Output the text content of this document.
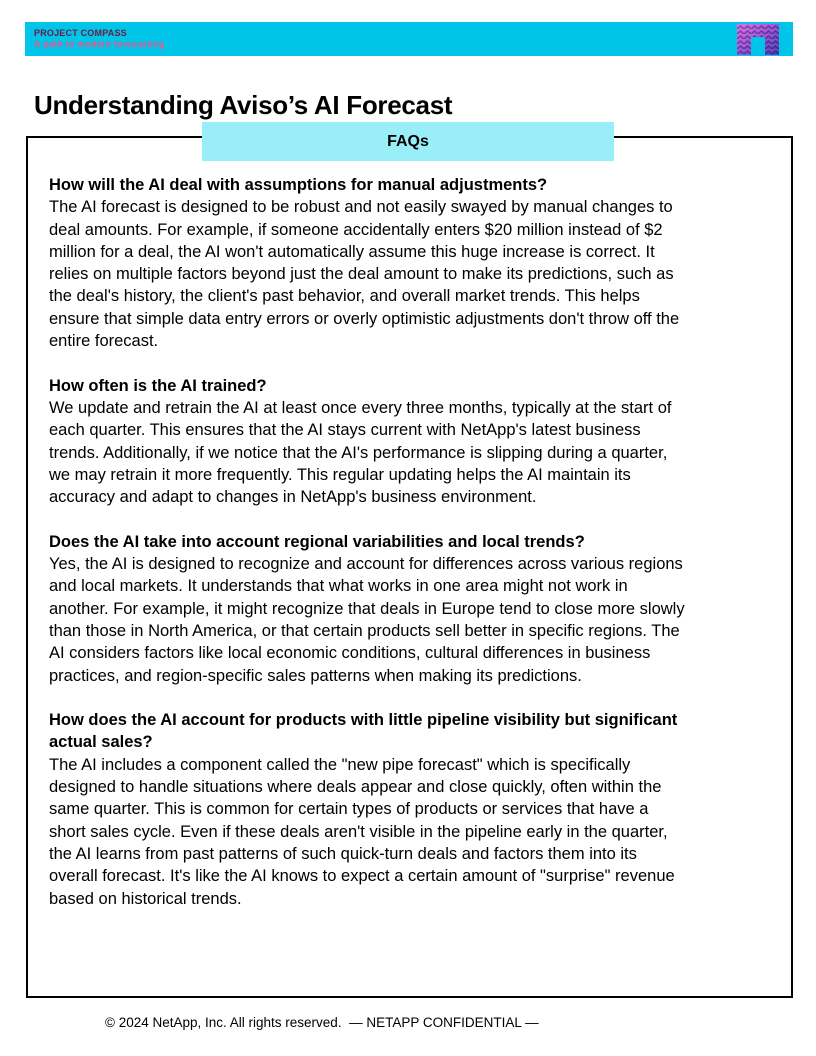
PROJECT COMPASS
A path to modern forecasting
Understanding Aviso’s AI Forecast
FAQs
How will the AI deal with assumptions for manual adjustments?
The AI forecast is designed to be robust and not easily swayed by manual changes to
deal amounts. For example, if someone accidentally enters $20 million instead of $2
million for a deal, the AI won't automatically assume this huge increase is correct. It
relies on multiple factors beyond just the deal amount to make its predictions, such as
the deal's history, the client's past behavior, and overall market trends. This helps
ensure that simple data entry errors or overly optimistic adjustments don't throw off the
entire forecast.
How often is the AI trained?
We update and retrain the AI at least once every three months, typically at the start of
each quarter. This ensures that the AI stays current with NetApp's latest business
trends. Additionally, if we notice that the AI's performance is slipping during a quarter,
we may retrain it more frequently. This regular updating helps the AI maintain its
accuracy and adapt to changes in NetApp's business environment.
Does the AI take into account regional variabilities and local trends?
Yes, the AI is designed to recognize and account for differences across various regions
and local markets. It understands that what works in one area might not work in
another. For example, it might recognize that deals in Europe tend to close more slowly
than those in North America, or that certain products sell better in specific regions. The
AI considers factors like local economic conditions, cultural differences in business
practices, and region-specific sales patterns when making its predictions.
How does the AI account for products with little pipeline visibility but significant
actual sales?
The AI includes a component called the "new pipe forecast" which is specifically
designed to handle situations where deals appear and close quickly, often within the
same quarter. This is common for certain types of products or services that have a
short sales cycle. Even if these deals aren't visible in the pipeline early in the quarter,
the AI learns from past patterns of such quick-turn deals and factors them into its
overall forecast. It's like the AI knows to expect a certain amount of "surprise" revenue
based on historical trends.
© 2024 NetApp, Inc. All rights reserved.  — NETAPP CONFIDENTIAL —
